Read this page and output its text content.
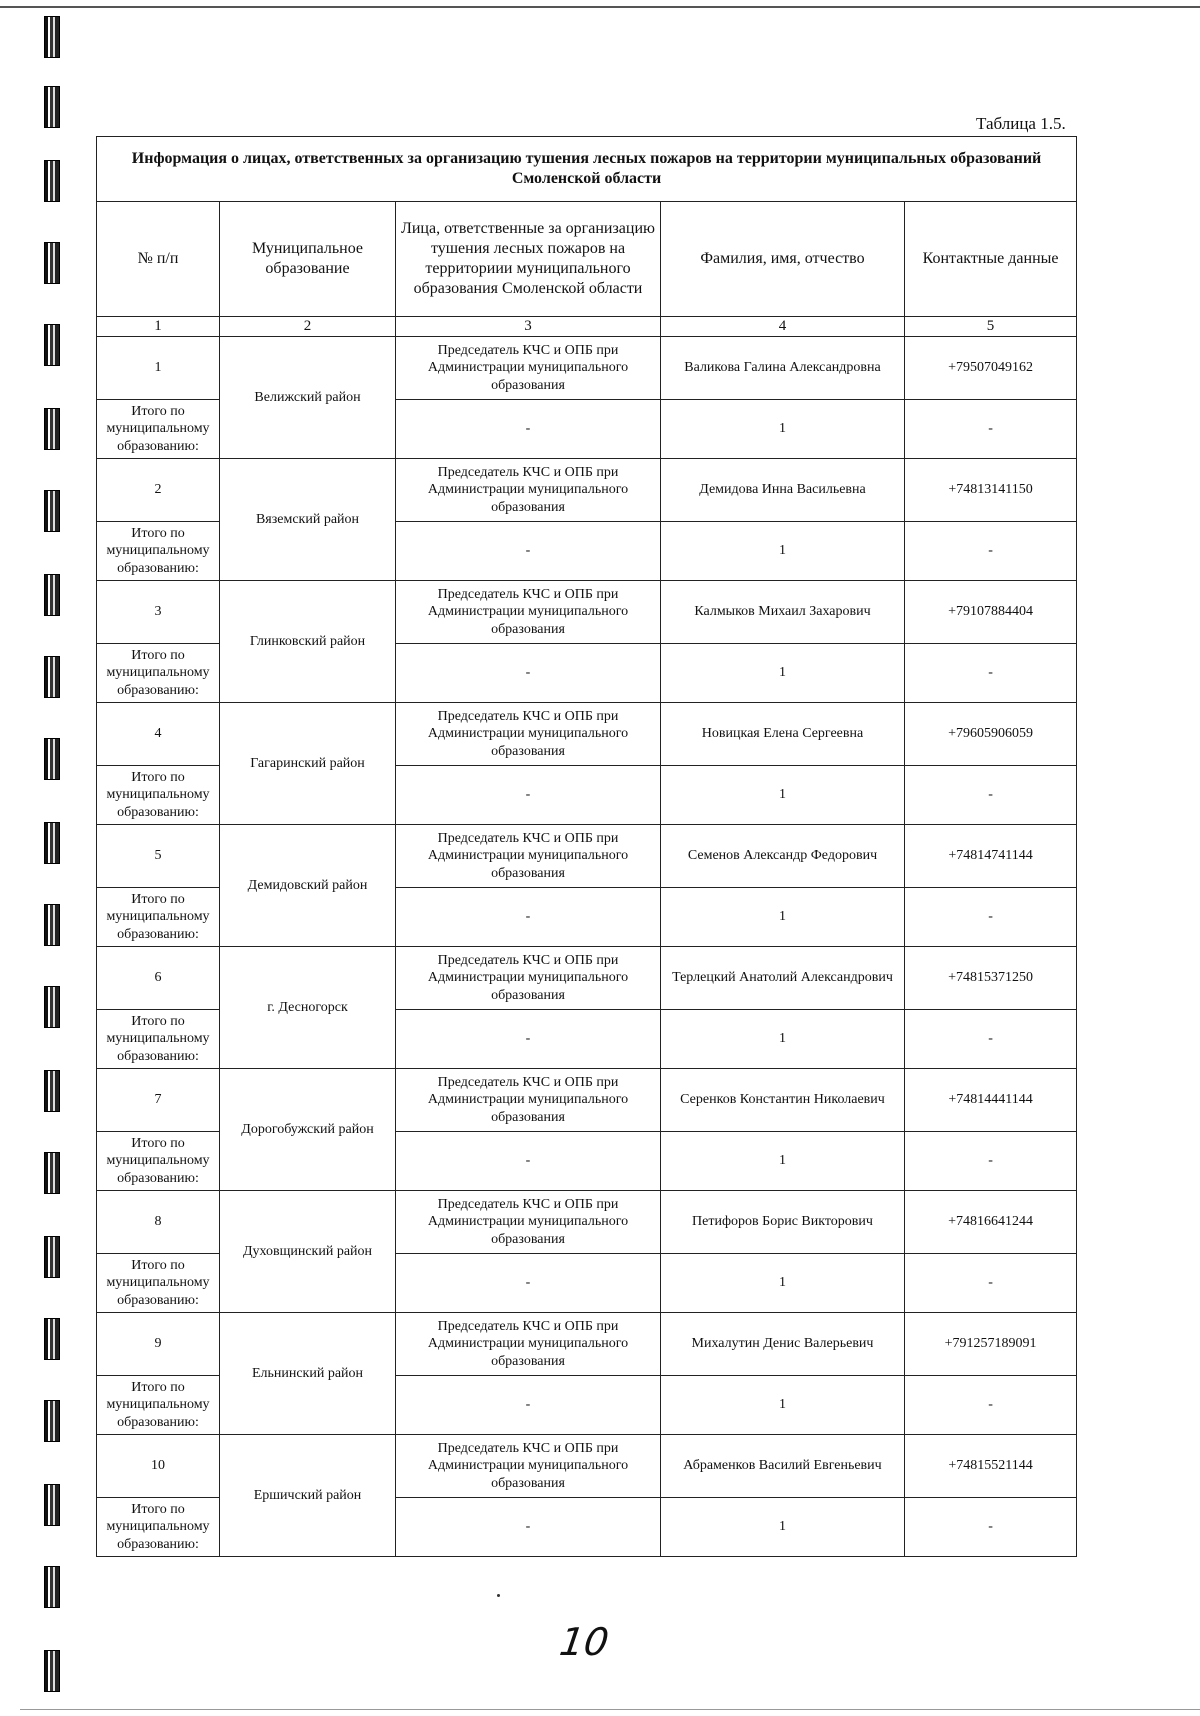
Таблица 1.5.
Информация о лицах, ответственных за организацию тушения лесных пожаров на территории муниципальных образований Смоленской области				
№ п/п	Муниципальное образование	Лица, ответственные за организацию тушения лесных пожаров на территориии муниципального образования Смоленской области	Фамилия, имя, отчество	Контактные данные
1	2	3	4	5
1	Велижский район	Председатель КЧС и ОПБ при Администрации муниципального образования	Валикова Галина Александровна	+79507049162
Итого по муниципальному образованию:		-	1	-
2	Вяземский район	Председатель КЧС и ОПБ при Администрации муниципального образования	Демидова Инна Васильевна	+74813141150
Итого по муниципальному образованию:		-	1	-
3	Глинковский район	Председатель КЧС и ОПБ при Администрации муниципального образования	Калмыков Михаил Захарович	+79107884404
Итого по муниципальному образованию:		-	1	-
4	Гагаринский район	Председатель КЧС и ОПБ при Администрации муниципального образования	Новицкая Елена Сергеевна	+79605906059
Итого по муниципальному образованию:		-	1	-
5	Демидовский район	Председатель КЧС и ОПБ при Администрации муниципального образования	Семенов Александр Федорович	+74814741144
Итого по муниципальному образованию:		-	1	-
6	г. Десногорск	Председатель КЧС и ОПБ при Администрации муниципального образования	Терлецкий Анатолий Александрович	+74815371250
Итого по муниципальному образованию:		-	1	-
7	Дорогобужский район	Председатель КЧС и ОПБ при Администрации муниципального образования	Серенков Константин Николаевич	+74814441144
Итого по муниципальному образованию:		-	1	-
8	Духовщинский район	Председатель КЧС и ОПБ при Администрации муниципального образования	Петифоров Борис Викторович	+74816641244
Итого по муниципальному образованию:		-	1	-
9	Ельнинский район	Председатель КЧС и ОПБ при Администрации муниципального образования	Михалутин Денис Валерьевич	+791257189091
Итого по муниципальному образованию:		-	1	-
10	Ершичский район	Председатель КЧС и ОПБ при Администрации муниципального образования	Абраменков Василий Евгеньевич	+74815521144
Итого по муниципальному образованию:		-	1	-
10
